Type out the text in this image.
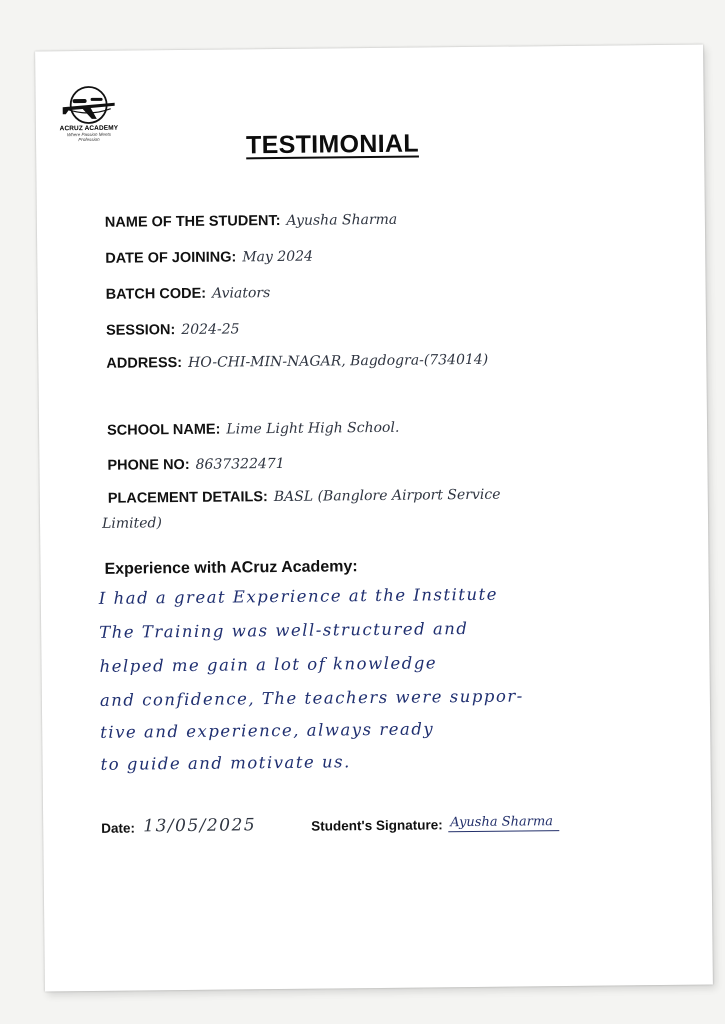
ACRUZ ACADEMY
Where Passion Meets Profession	TESTIMONIAL
NAME OF THE STUDENT: Ayusha Sharma
DATE OF JOINING: May 2024
BATCH CODE: Aviators
SESSION: 2024-25
ADDRESS: HO-CHI-MIN-NAGAR, Bagdogra-(734014)
SCHOOL NAME: Lime Light High School.
PHONE NO: 8637322471
PLACEMENT DETAILS: BASL (Banglore Airport Service
Limited)
Experience with ACruz Academy:
I had a great Experience at the Institute
The Training was well-structured and
helped me gain a lot of knowledge
and confidence, The teachers were suppor-
tive and experience, always ready
to guide and motivate us.
Date: 13/05/2025	Student's Signature: Ayusha Sharma
